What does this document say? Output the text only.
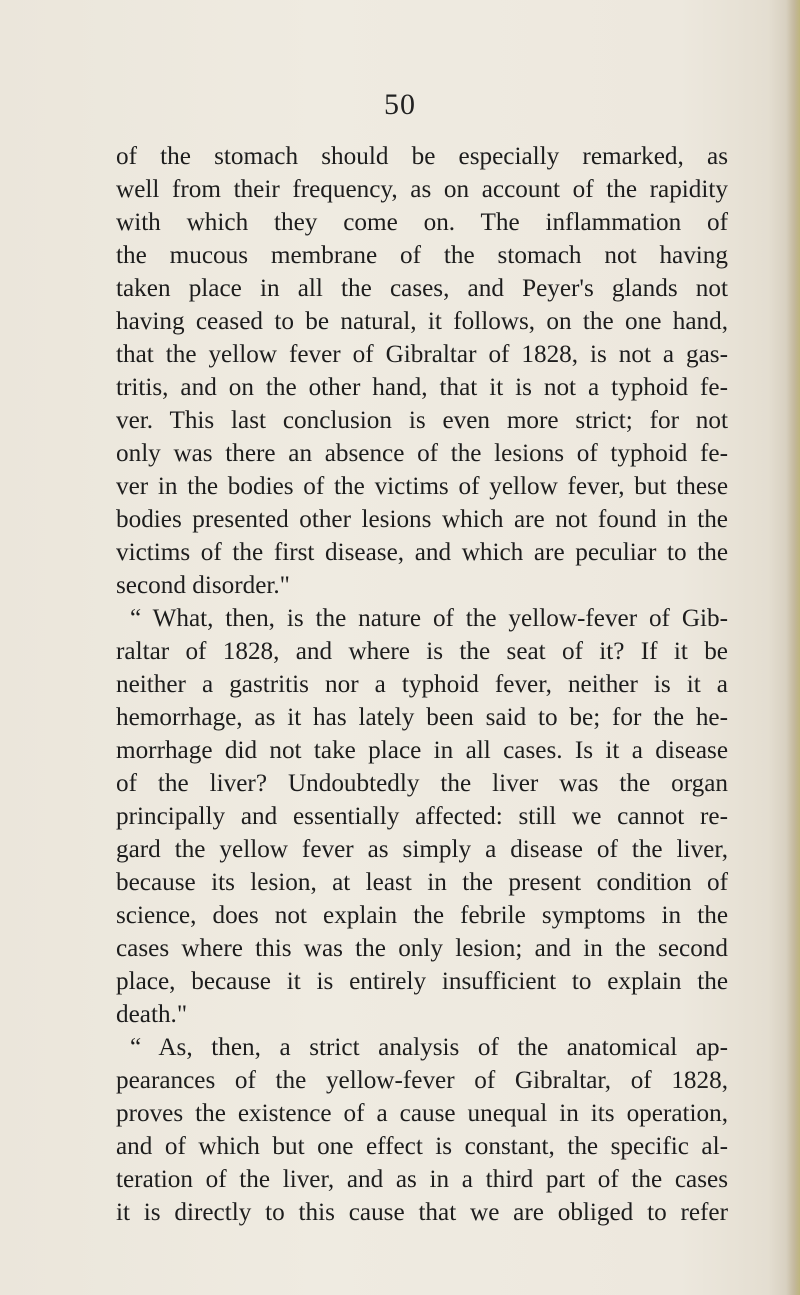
50
of the stomach should be especially remarked, as
well from their frequency, as on account of the rapidity
with which they come on. The inflammation of
the mucous membrane of the stomach not having
taken place in all the cases, and Peyer's glands not
having ceased to be natural, it follows, on the one hand,
that the yellow fever of Gibraltar of 1828, is not a gas-
tritis, and on the other hand, that it is not a typhoid fe-
ver. This last conclusion is even more strict; for not
only was there an absence of the lesions of typhoid fe-
ver in the bodies of the victims of yellow fever, but these
bodies presented other lesions which are not found in the
victims of the first disease, and which are peculiar to the
second disorder."
“ What, then, is the nature of the yellow-fever of Gib-
raltar of 1828, and where is the seat of it? If it be
neither a gastritis nor a typhoid fever, neither is it a
hemorrhage, as it has lately been said to be; for the he-
morrhage did not take place in all cases. Is it a disease
of the liver? Undoubtedly the liver was the organ
principally and essentially affected: still we cannot re-
gard the yellow fever as simply a disease of the liver,
because its lesion, at least in the present condition of
science, does not explain the febrile symptoms in the
cases where this was the only lesion; and in the second
place, because it is entirely insufficient to explain the
death."
“ As, then, a strict analysis of the anatomical ap-
pearances of the yellow-fever of Gibraltar, of 1828,
proves the existence of a cause unequal in its operation,
and of which but one effect is constant, the specific al-
teration of the liver, and as in a third part of the cases
it is directly to this cause that we are obliged to refer
